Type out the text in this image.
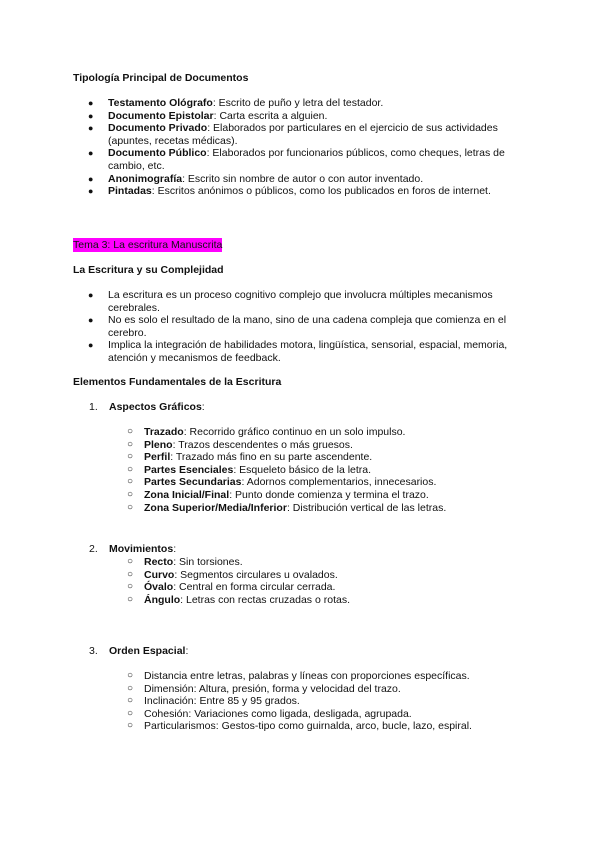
Tipología Principal de Documentos
● Testamento Ológrafo: Escrito de puño y letra del testador.
● Documento Epistolar: Carta escrita a alguien.
● Documento Privado: Elaborados por particulares en el ejercicio de sus actividades (apuntes, recetas médicas).
● Documento Público: Elaborados por funcionarios públicos, como cheques, letras de cambio, etc.
● Anonimografía: Escrito sin nombre de autor o con autor inventado.
● Pintadas: Escritos anónimos o públicos, como los publicados en foros de internet.
Tema 3: La escritura Manuscrita
La Escritura y su Complejidad
● La escritura es un proceso cognitivo complejo que involucra múltiples mecanismos cerebrales.
● No es solo el resultado de la mano, sino de una cadena compleja que comienza en el cerebro.
● Implica la integración de habilidades motora, lingüística, sensorial, espacial, memoria, atención y mecanismos de feedback.
Elementos Fundamentales de la Escritura
1. Aspectos Gráficos:
○ Trazado: Recorrido gráfico continuo en un solo impulso.
○ Pleno: Trazos descendentes o más gruesos.
○ Perfil: Trazado más fino en su parte ascendente.
○ Partes Esenciales: Esqueleto básico de la letra.
○ Partes Secundarias: Adornos complementarios, innecesarios.
○ Zona Inicial/Final: Punto donde comienza y termina el trazo.
○ Zona Superior/Media/Inferior: Distribución vertical de las letras.
2. Movimientos:
○ Recto: Sin torsiones.
○ Curvo: Segmentos circulares u ovalados.
○ Óvalo: Central en forma circular cerrada.
○ Ángulo: Letras con rectas cruzadas o rotas.
3. Orden Espacial:
○ Distancia entre letras, palabras y líneas con proporciones específicas.
○ Dimensión: Altura, presión, forma y velocidad del trazo.
○ Inclinación: Entre 85 y 95 grados.
○ Cohesión: Variaciones como ligada, desligada, agrupada.
○ Particularismos: Gestos-tipo como guirnalda, arco, bucle, lazo, espiral.
